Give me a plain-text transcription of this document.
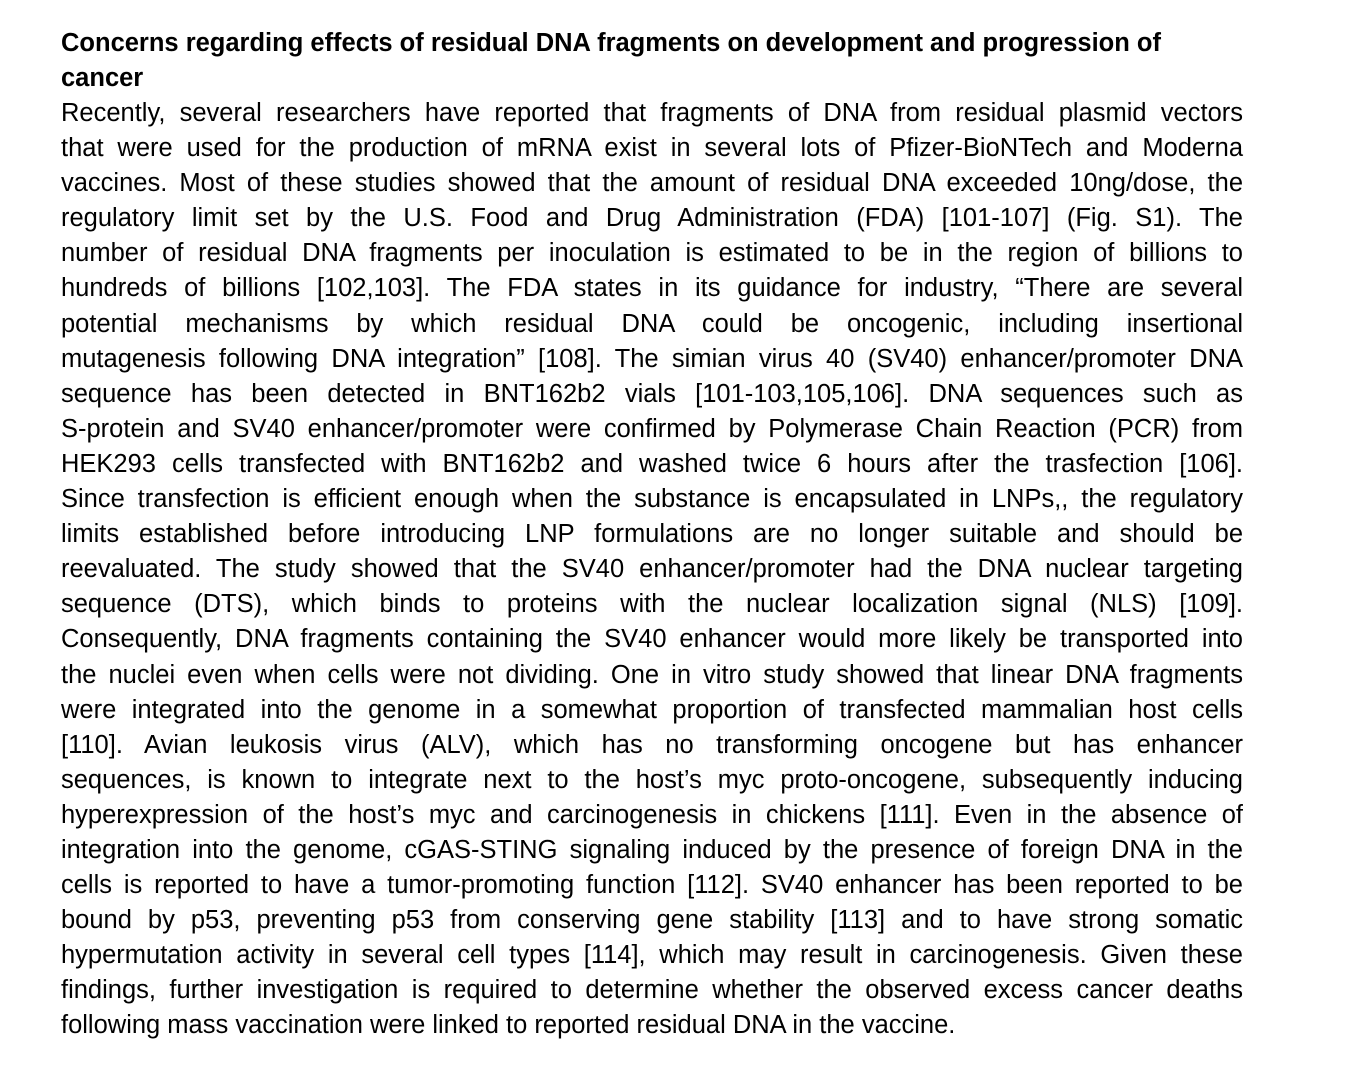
Concerns regarding effects of residual DNA fragments on development and progression of
cancer

Recently, several researchers have reported that fragments of DNA from residual plasmid vectors
that were used for the production of mRNA exist in several lots of Pfizer-BioNTech and Moderna
vaccines. Most of these studies showed that the amount of residual DNA exceeded 10ng/dose, the
regulatory limit set by the U.S. Food and Drug Administration (FDA) [101-107] (Fig. S1). The
number of residual DNA fragments per inoculation is estimated to be in the region of billions to
hundreds of billions [102,103]. The FDA states in its guidance for industry, “There are several
potential mechanisms by which residual DNA could be oncogenic, including insertional
mutagenesis following DNA integration” [108]. The simian virus 40 (SV40) enhancer/promoter DNA
sequence has been detected in BNT162b2 vials [101-103,105,106]. DNA sequences such as
S-protein and SV40 enhancer/promoter were confirmed by Polymerase Chain Reaction (PCR) from
HEK293 cells transfected with BNT162b2 and washed twice 6 hours after the trasfection [106].
Since transfection is efficient enough when the substance is encapsulated in LNPs,, the regulatory
limits established before introducing LNP formulations are no longer suitable and should be
reevaluated. The study showed that the SV40 enhancer/promoter had the DNA nuclear targeting
sequence (DTS), which binds to proteins with the nuclear localization signal (NLS) [109].
Consequently, DNA fragments containing the SV40 enhancer would more likely be transported into
the nuclei even when cells were not dividing. One in vitro study showed that linear DNA fragments
were integrated into the genome in a somewhat proportion of transfected mammalian host cells
[110]. Avian leukosis virus (ALV), which has no transforming oncogene but has enhancer
sequences, is known to integrate next to the host’s myc proto-oncogene, subsequently inducing
hyperexpression of the host’s myc and carcinogenesis in chickens [111]. Even in the absence of
integration into the genome, cGAS‑STING signaling induced by the presence of foreign DNA in the
cells is reported to have a tumor-promoting function [112]. SV40 enhancer has been reported to be
bound by p53, preventing p53 from conserving gene stability [113] and to have strong somatic
hypermutation activity in several cell types [114], which may result in carcinogenesis. Given these
findings, further investigation is required to determine whether the observed excess cancer deaths
following mass vaccination were linked to reported residual DNA in the vaccine.
